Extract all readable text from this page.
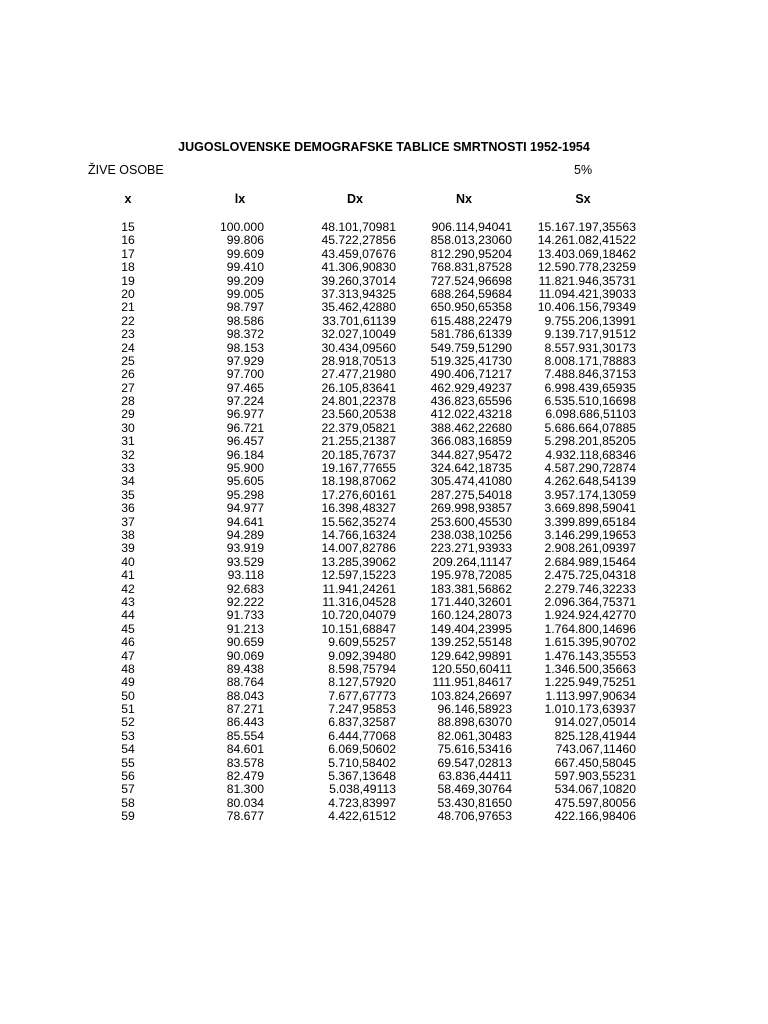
JUGOSLOVENSKE DEMOGRAFSKE TABLICE SMRTNOSTI 1952-1954
ŽIVE OSOBE	5%
x	lx	Dx	Nx	Sx
15	100.000	48.101,70981	906.114,94041	15.167.197,35563
16	99.806	45.722,27856	858.013,23060	14.261.082,41522
17	99.609	43.459,07676	812.290,95204	13.403.069,18462
18	99.410	41.306,90830	768.831,87528	12.590.778,23259
19	99.209	39.260,37014	727.524,96698	11.821.946,35731
20	99.005	37.313,94325	688.264,59684	11.094.421,39033
21	98.797	35.462,42880	650.950,65358	10.406.156,79349
22	98.586	33.701,61139	615.488,22479	9.755.206,13991
23	98.372	32.027,10049	581.786,61339	9.139.717,91512
24	98.153	30.434,09560	549.759,51290	8.557.931,30173
25	97.929	28.918,70513	519.325,41730	8.008.171,78883
26	97.700	27.477,21980	490.406,71217	7.488.846,37153
27	97.465	26.105,83641	462.929,49237	6.998.439,65935
28	97.224	24.801,22378	436.823,65596	6.535.510,16698
29	96.977	23.560,20538	412.022,43218	6.098.686,51103
30	96.721	22.379,05821	388.462,22680	5.686.664,07885
31	96.457	21.255,21387	366.083,16859	5.298.201,85205
32	96.184	20.185,76737	344.827,95472	4.932.118,68346
33	95.900	19.167,77655	324.642,18735	4.587.290,72874
34	95.605	18.198,87062	305.474,41080	4.262.648,54139
35	95.298	17.276,60161	287.275,54018	3.957.174,13059
36	94.977	16.398,48327	269.998,93857	3.669.898,59041
37	94.641	15.562,35274	253.600,45530	3.399.899,65184
38	94.289	14.766,16324	238.038,10256	3.146.299,19653
39	93.919	14.007,82786	223.271,93933	2.908.261,09397
40	93.529	13.285,39062	209.264,11147	2.684.989,15464
41	93.118	12.597,15223	195.978,72085	2.475.725,04318
42	92.683	11.941,24261	183.381,56862	2.279.746,32233
43	92.222	11.316,04528	171.440,32601	2.096.364,75371
44	91.733	10.720,04079	160.124,28073	1.924.924,42770
45	91.213	10.151,68847	149.404,23995	1.764.800,14696
46	90.659	9.609,55257	139.252,55148	1.615.395,90702
47	90.069	9.092,39480	129.642,99891	1.476.143,35553
48	89.438	8.598,75794	120.550,60411	1.346.500,35663
49	88.764	8.127,57920	111.951,84617	1.225.949,75251
50	88.043	7.677,67773	103.824,26697	1.113.997,90634
51	87.271	7.247,95853	96.146,58923	1.010.173,63937
52	86.443	6.837,32587	88.898,63070	914.027,05014
53	85.554	6.444,77068	82.061,30483	825.128,41944
54	84.601	6.069,50602	75.616,53416	743.067,11460
55	83.578	5.710,58402	69.547,02813	667.450,58045
56	82.479	5.367,13648	63.836,44411	597.903,55231
57	81.300	5.038,49113	58.469,30764	534.067,10820
58	80.034	4.723,83997	53.430,81650	475.597,80056
59	78.677	4.422,61512	48.706,97653	422.166,98406
